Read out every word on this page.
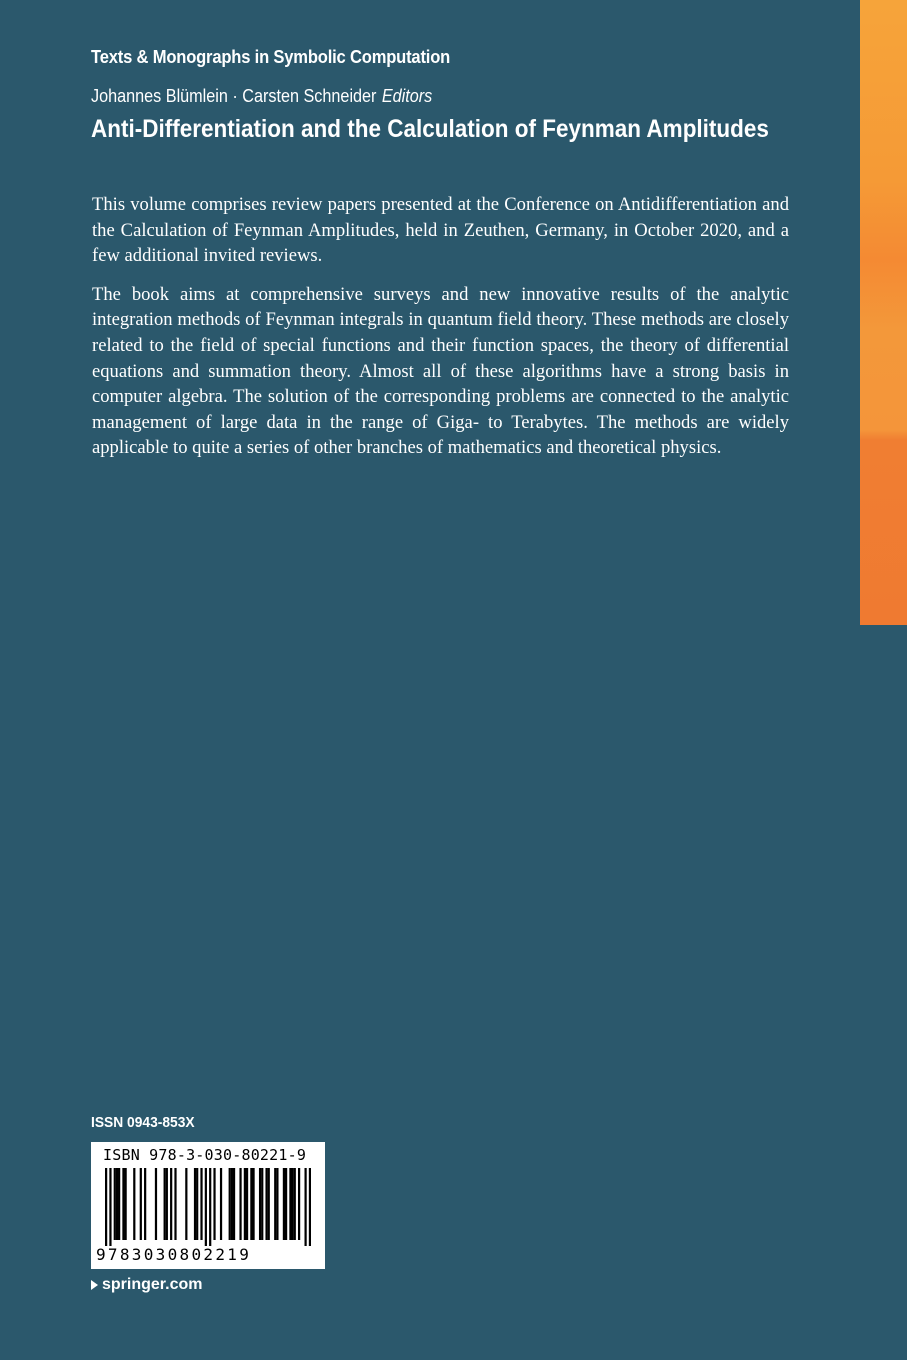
Texts & Monographs in Symbolic Computation
Johannes Blümlein · Carsten Schneider Editors
Anti-Differentiation and the Calculation of Feynman Amplitudes

This volume comprises review papers presented at the Conference on Antidifferentiation and the Calculation of Feynman Amplitudes, held in Zeuthen, Germany, in October 2020, and a few additional invited reviews.

The book aims at comprehensive surveys and new innovative results of the analytic integration methods of Feynman integrals in quantum field theory. These methods are closely related to the field of special functions and their function spaces, the theory of differential equations and summation theory. Almost all of these algorithms have a strong basis in computer algebra. The solution of the corresponding problems are connected to the analytic management of large data in the range of Giga- to Terabytes. The methods are widely applicable to quite a series of other branches of mathematics and theoretical physics.

ISSN 0943-853X
ISBN 978-3-030-80221-9
9783030802219
springer.com
